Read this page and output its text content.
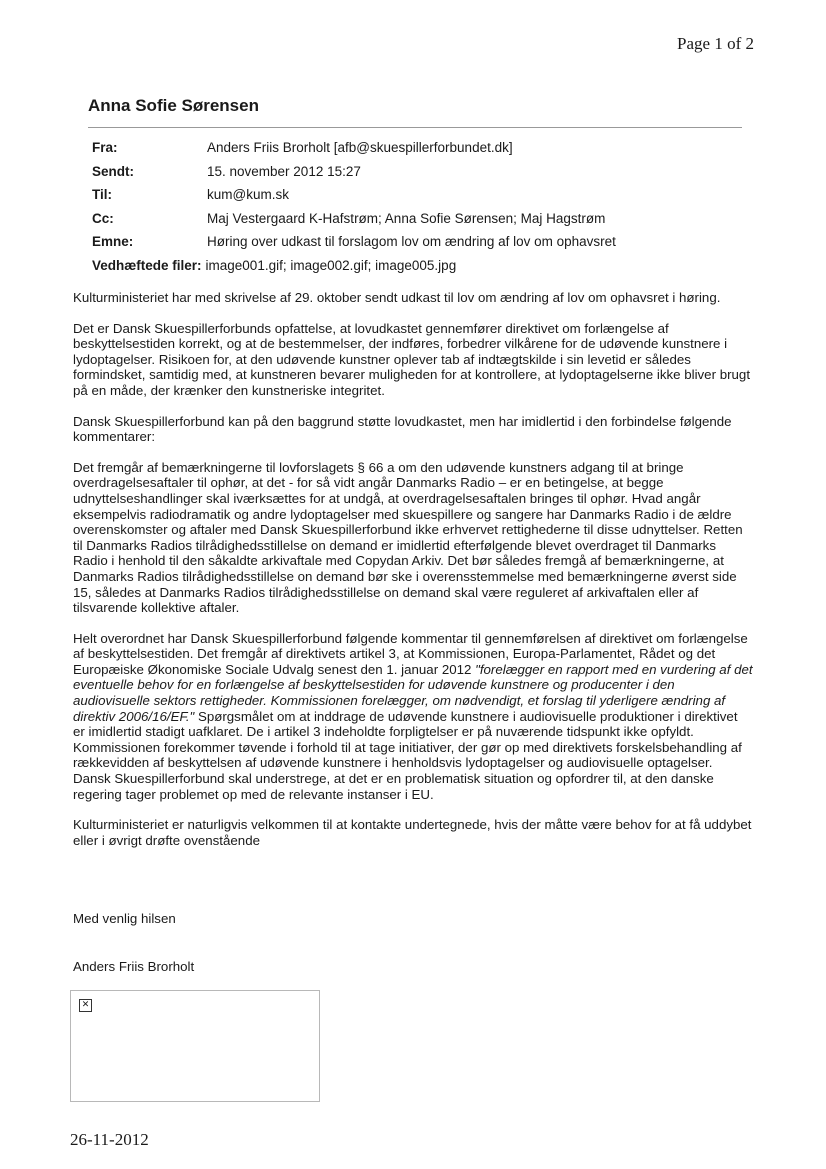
Page 1 of 2
Anna Sofie Sørensen
Fra:	Anders Friis Brorholt [afb@skuespillerforbundet.dk]
Sendt:	15. november 2012 15:27
Til:	kum@kum.sk
Cc:	Maj Vestergaard K-Hafstrøm; Anna Sofie Sørensen; Maj Hagstrøm
Emne:	Høring over udkast til forslagom lov om ændring af lov om ophavsret
Vedhæftede filer: image001.gif; image002.gif; image005.jpg

Kulturministeriet har med skrivelse af 29. oktober sendt udkast til lov om ændring af lov om ophavsret i høring.

Det er Dansk Skuespillerforbunds opfattelse, at lovudkastet gennemfører direktivet om forlængelse af beskyttelsestiden korrekt, og at de bestemmelser, der indføres, forbedrer vilkårene for de udøvende kunstnere i lydoptagelser. Risikoen for, at den udøvende kunstner oplever tab af indtægtskilde i sin levetid er således formindsket, samtidig med, at kunstneren bevarer muligheden for at kontrollere, at lydoptagelserne ikke bliver brugt på en måde, der krænker den kunstneriske integritet.

Dansk Skuespillerforbund kan på den baggrund støtte lovudkastet, men har imidlertid i den forbindelse følgende kommentarer:

Det fremgår af bemærkningerne til lovforslagets § 66 a om den udøvende kunstners adgang til at bringe overdragelsesaftaler til ophør, at det - for så vidt angår Danmarks Radio – er en betingelse, at begge udnyttelseshandlinger skal iværksættes for at undgå, at overdragelsesaftalen bringes til ophør. Hvad angår eksempelvis radiodramatik og andre lydoptagelser med skuespillere og sangere har Danmarks Radio i de ældre overenskomster og aftaler med Dansk Skuespillerforbund ikke erhvervet rettighederne til disse udnyttelser. Retten til Danmarks Radios tilrådighedsstillelse on demand er imidlertid efterfølgende blevet overdraget til Danmarks Radio i henhold til den såkaldte arkivaftale med Copydan Arkiv. Det bør således fremgå af bemærkningerne, at Danmarks Radios tilrådighedsstillelse on demand bør ske i overensstemmelse med bemærkningerne øverst side 15, således at Danmarks Radios tilrådighedsstillelse on demand skal være reguleret af arkivaftalen eller af tilsvarende kollektive aftaler.

Helt overordnet har Dansk Skuespillerforbund følgende kommentar til gennemførelsen af direktivet om forlængelse af beskyttelsestiden. Det fremgår af direktivets artikel 3, at Kommissionen, Europa-Parlamentet, Rådet og det Europæiske Økonomiske Sociale Udvalg senest den 1. januar 2012 "forelægger en rapport med en vurdering af det eventuelle behov for en forlængelse af beskyttelsestiden for udøvende kunstnere og producenter i den audiovisuelle sektors rettigheder. Kommissionen forelægger, om nødvendigt, et forslag til yderligere ændring af direktiv 2006/16/EF." Spørgsmålet om at inddrage de udøvende kunstnere i audiovisuelle produktioner i direktivet er imidlertid stadigt uafklaret. De i artikel 3 indeholdte forpligtelser er på nuværende tidspunkt ikke opfyldt. Kommissionen forekommer tøvende i forhold til at tage initiativer, der gør op med direktivets forskelsbehandling af rækkevidden af beskyttelsen af udøvende kunstnere i henholdsvis lydoptagelser og audiovisuelle optagelser. Dansk Skuespillerforbund skal understrege, at det er en problematisk situation og opfordrer til, at den danske regering tager problemet op med de relevante instanser i EU.

Kulturministeriet er naturligvis velkommen til at kontakte undertegnede, hvis der måtte være behov for at få uddybet eller i øvrigt drøfte ovenstående

Med venlig hilsen
Anders Friis Brorholt
✕
26-11-2012
